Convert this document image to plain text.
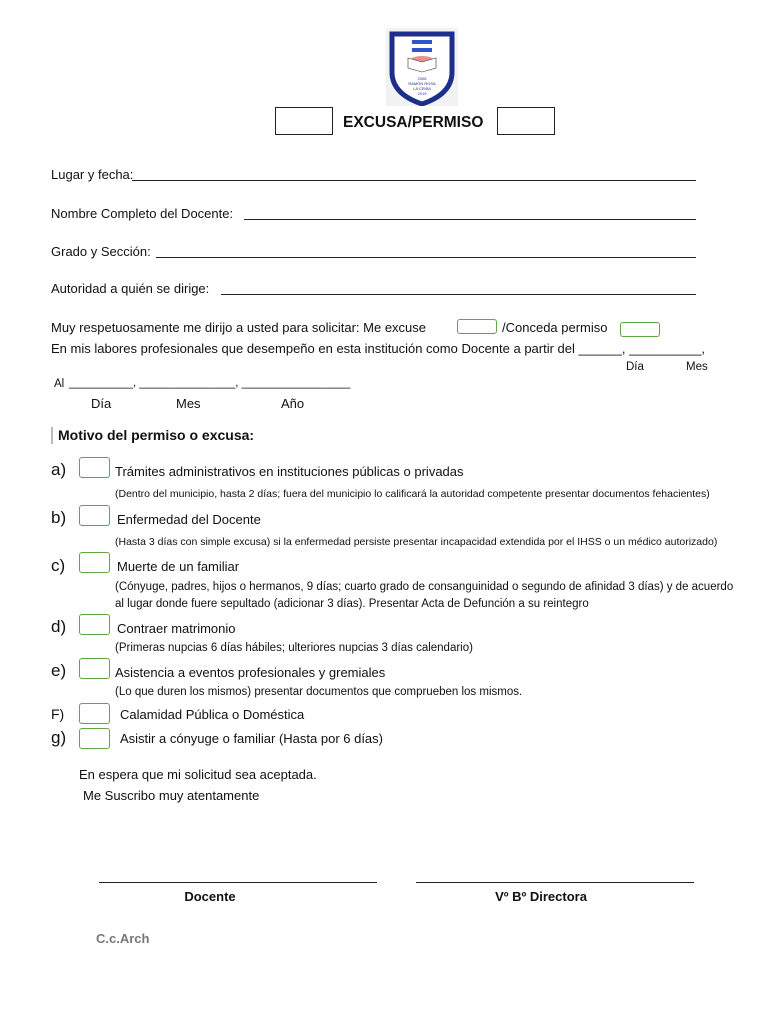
2008
RAMÓN ROSA
LA CEIBA
2019
EXCUSA/PERMISO
Lugar y fecha:
Nombre Completo del Docente:
Grado y Sección:
Autoridad a quién se dirige:
Muy respetuosamente me dirijo a usted para solicitar: Me excuse	/Conceda permiso
En mis labores profesionales que desempeño en esta institución como Docente a partir del ______, __________,
Día	Mes
Al __________, _______________, _________________
Día	Mes	Año
Motivo del permiso o excusa:
a)	Trámites administrativos en instituciones públicas o privadas
(Dentro del municipio, hasta 2 días; fuera del municipio lo calificará la autoridad competente presentar documentos fehacientes)
b)	Enfermedad del Docente
(Hasta 3 días con simple excusa) si la enfermedad persiste presentar incapacidad extendida por el IHSS o un médico autorizado)
c)	Muerte de un familiar
(Cónyuge, padres, hijos o hermanos, 9 días; cuarto grado de consanguinidad o segundo de afinidad 3 días) y de acuerdo
al lugar donde fuere sepultado (adicionar 3 días). Presentar Acta de Defunción a su reintegro
d)	Contraer matrimonio
(Primeras nupcias 6 días hábiles; ulteriores nupcias 3 días calendario)
e)	Asistencia a eventos profesionales y gremiales
(Lo que duren los mismos) presentar documentos que comprueben los mismos.
F)	Calamidad Pública o Doméstica
g)	Asistir a cónyuge o familiar (Hasta por 6 días)
En espera que mi solicitud sea aceptada.
Me Suscribo muy atentamente
Docente	Vº Bº Directora
C.c.Arch
